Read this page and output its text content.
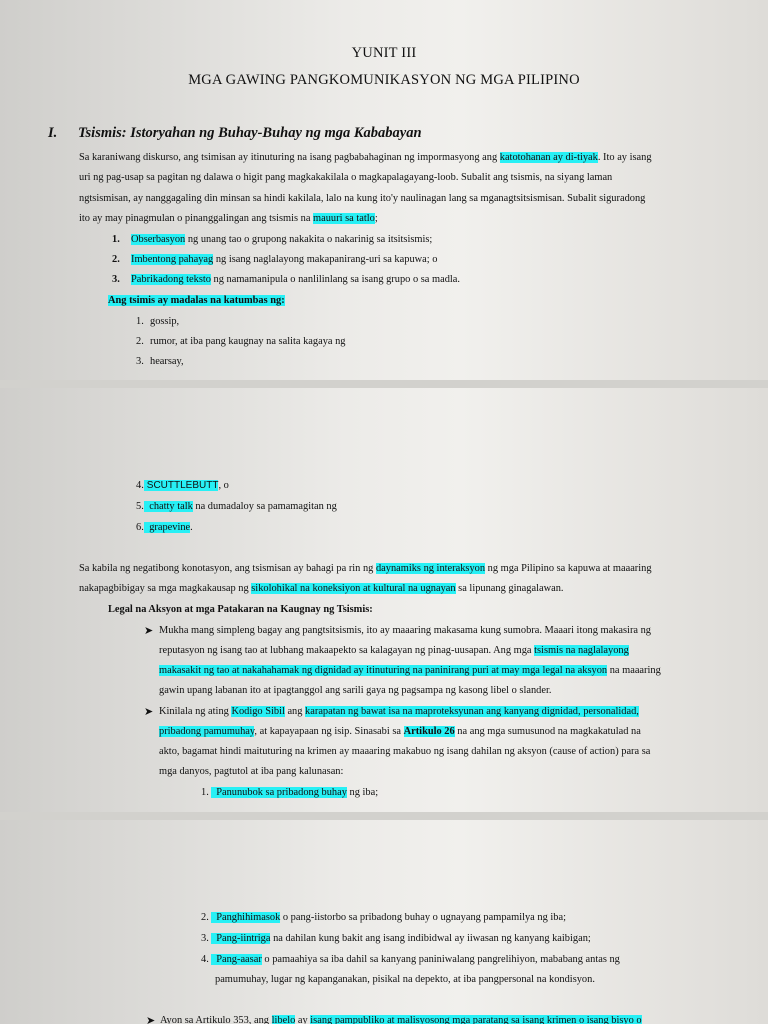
YUNIT III
MGA GAWING PANGKOMUNIKASYON NG MGA PILIPINO
I. Tsismis: Istoryahan ng Buhay-Buhay ng mga Kababayan
Sa karaniwang diskurso, ang tsimisan ay itinuturing na isang pagbabahaginan ng impormasyong ang katotohanan ay di-tiyak. Ito ay isang
uri ng pag-usap sa pagitan ng dalawa o higit pang magkakakilala o magkapalagayang-loob. Subalit ang tsismis, na siyang laman
ngtsismisan, ay nanggagaling din minsan sa hindi kakilala, lalo na kung ito'y naulinagan lang sa mganagtsitsismisan. Subalit siguradong
ito ay may pinagmulan o pinanggalingan ang tsismis na mauuri sa tatlo;
1. Obserbasyon ng unang tao o grupong nakakita o nakarinig sa itsitsismis;
2. Imbentong pahayag ng isang naglalayong makapanirang-uri sa kapuwa; o
3. Pabrikadong teksto ng namamanipula o nanlilinlang sa isang grupo o sa madla.
Ang tsimis ay madalas na katumbas ng:
1. gossip,
2. rumor, at iba pang kaugnay na salita kagaya ng
3. hearsay,
4. SCUTTLEBUTT, o
5. chatty talk na dumadaloy sa pamamagitan ng
6. grapevine.
Sa kabila ng negatibong konotasyon, ang tsismisan ay bahagi pa rin ng daynamiks ng interaksyon ng mga Pilipino sa kapuwa at maaaring
nakapagbibigay sa mga magkakausap ng sikolohikal na koneksiyon at kultural na ugnayan sa lipunang ginagalawan.
Legal na Aksyon at mga Patakaran na Kaugnay ng Tsismis:
➤ Mukha mang simpleng bagay ang pangtsitsismis, ito ay maaaring makasama kung sumobra. Maaari itong makasira ng
reputasyon ng isang tao at lubhang makaapekto sa kalagayan ng pinag-uusapan. Ang mga tsismis na naglalayong
makasakit ng tao at nakahahamak ng dignidad ay itinuturing na paninirang puri at may mga legal na aksyon na maaaring
gawin upang labanan ito at ipagtanggol ang sarili gaya ng pagsampa ng kasong libel o slander.
➤ Kinilala ng ating Kodigo Sibil ang karapatan ng bawat isa na maproteksyunan ang kanyang dignidad, personalidad,
pribadong pamumuhay, at kapayapaan ng isip. Sinasabi sa Artikulo 26 na ang mga sumusunod na magkakatulad na
akto, bagamat hindi maituturing na krimen ay maaaring makabuo ng isang dahilan ng aksyon (cause of action) para sa
mga danyos, pagtutol at iba pang kalunasan:
1. Panunubok sa pribadong buhay ng iba;
2. Panghihimasok o pang-iistorbo sa pribadong buhay o ugnayang pampamilya ng iba;
3. Pang-iintriga na dahilan kung bakit ang isang indibidwal ay iiwasan ng kanyang kaibigan;
4. Pang-aasar o pamaahiya sa iba dahil sa kanyang paniniwalang pangrelihiyon, mababang antas ng
pamumuhay, lugar ng kapanganakan, pisikal na depekto, at iba pangpersonal na kondisyon.
➤ Ayon sa Artikulo 353, ang libelo ay isang pampubliko at malisyosong mga paratang sa isang krimen o isang bisyo o
